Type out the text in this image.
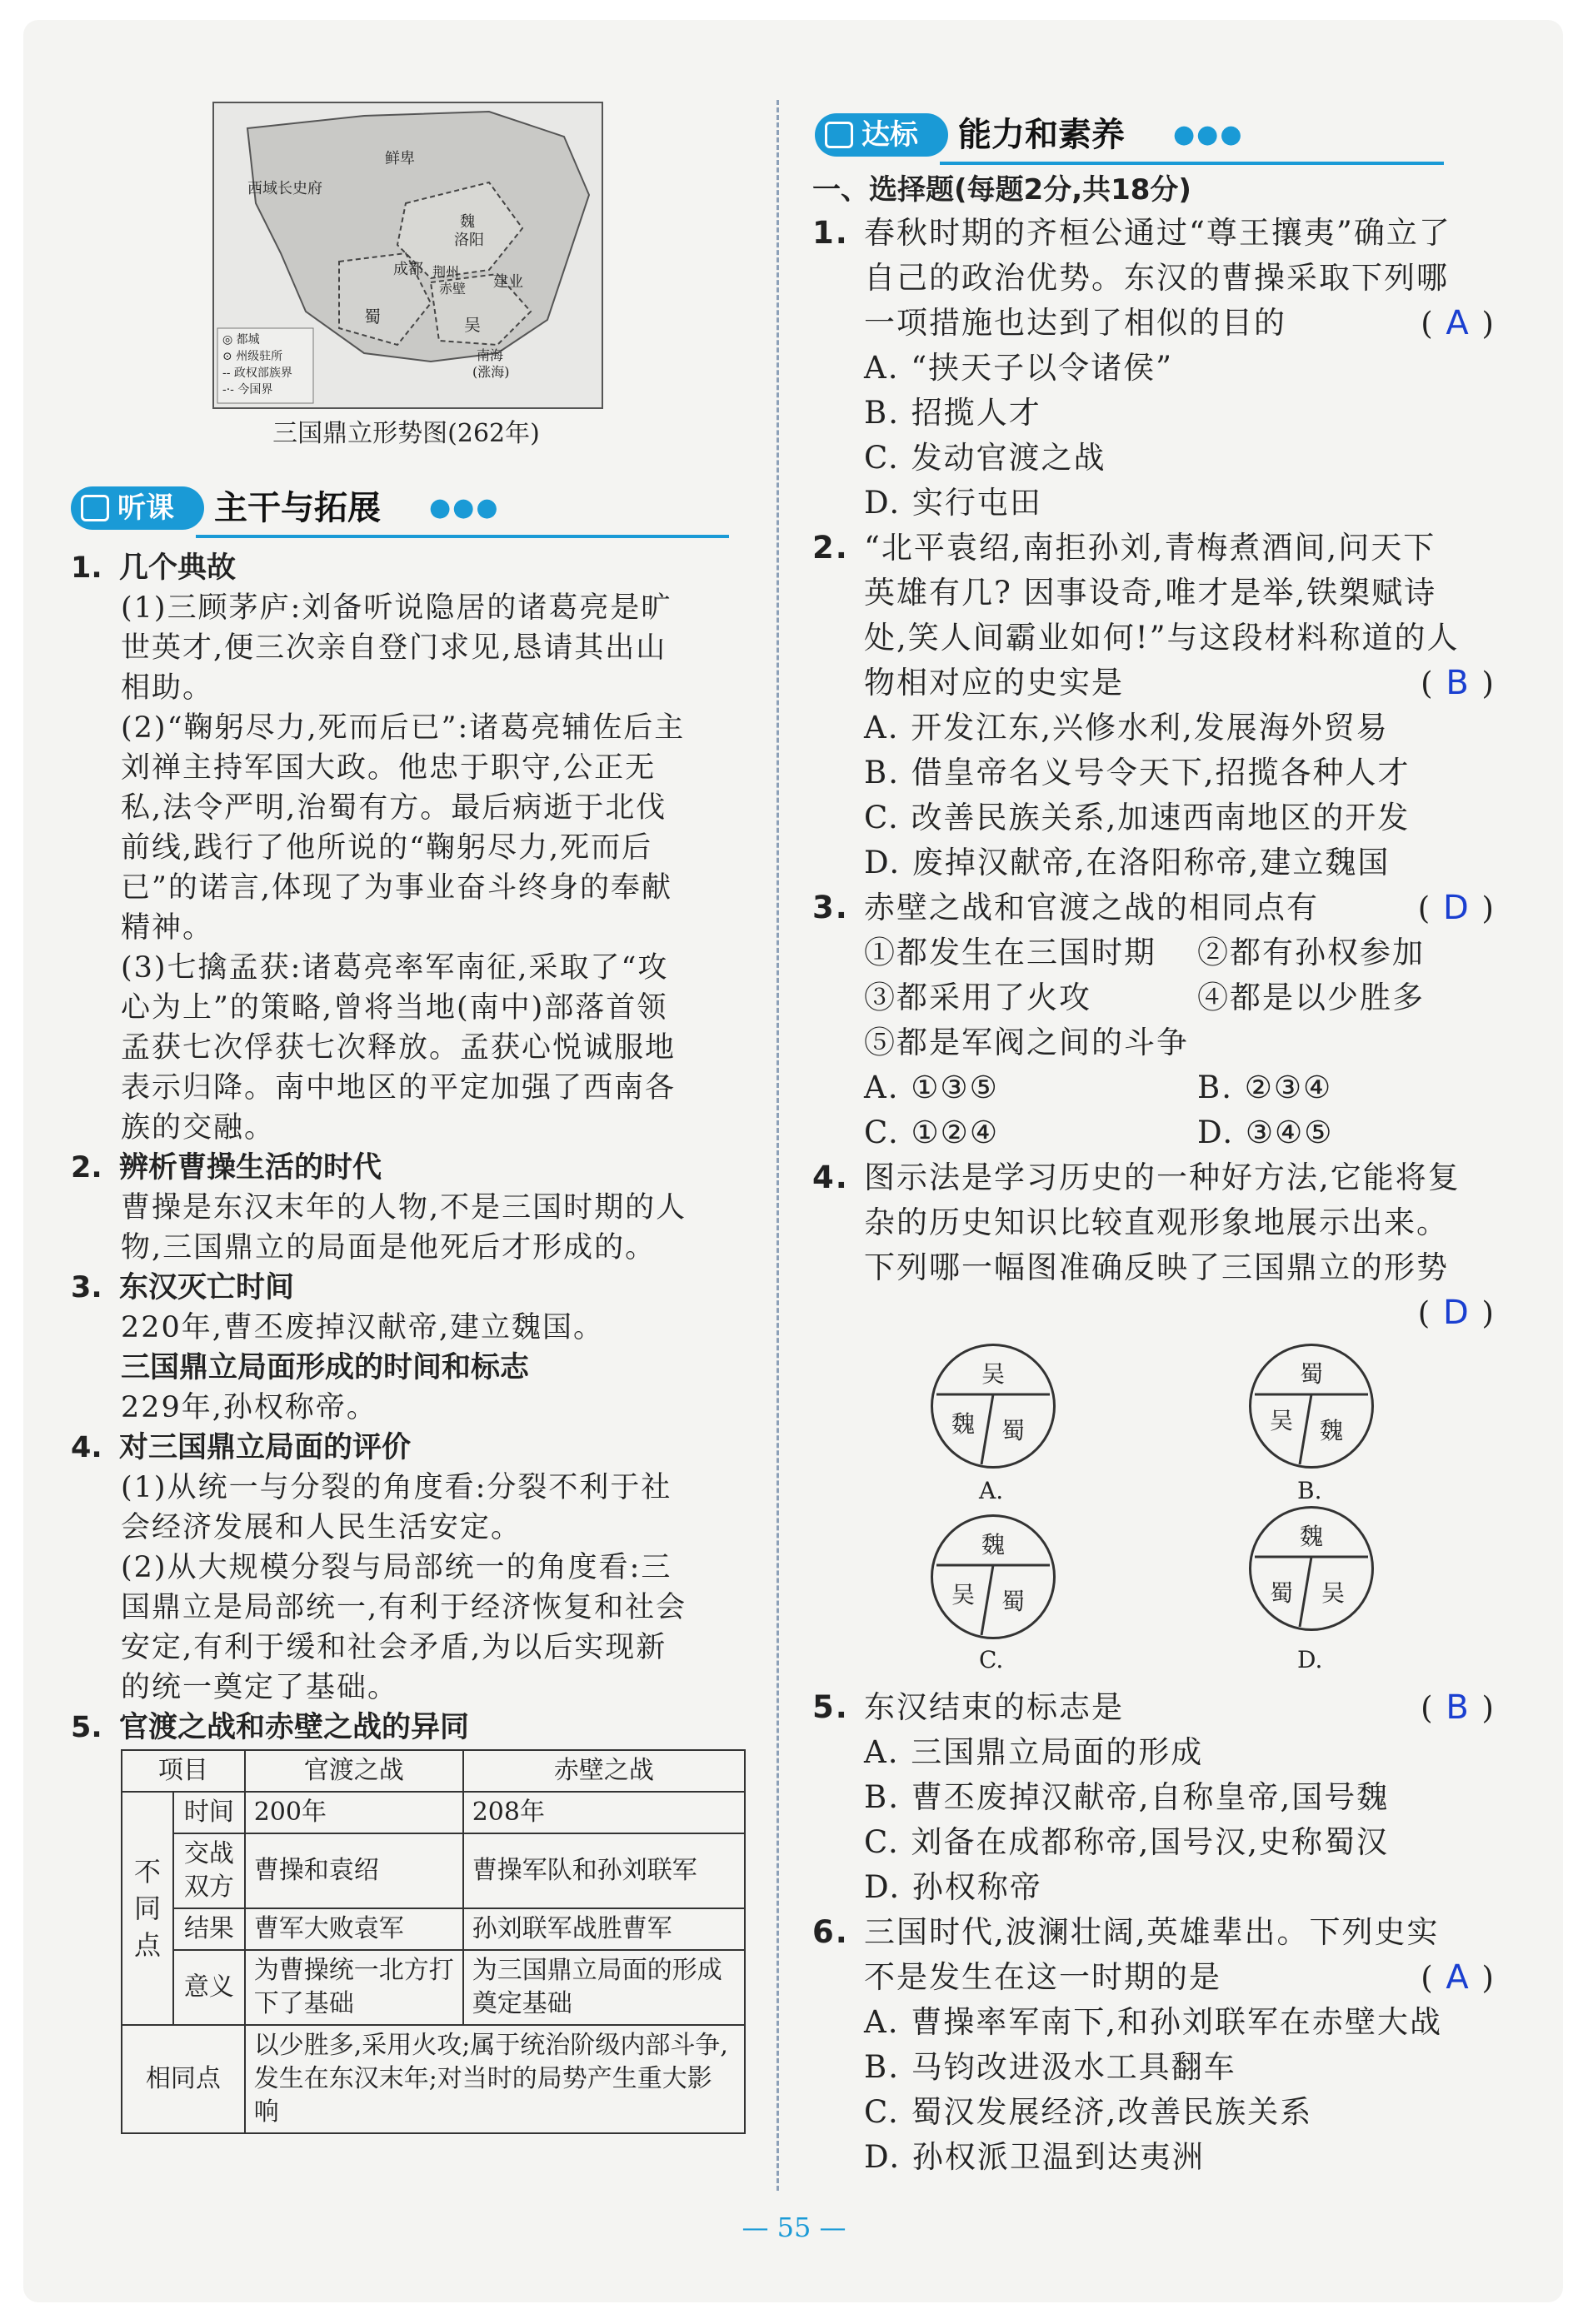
西域长史府
鲜卑
魏
洛阳
成都 荆州
赤壁 建业
蜀	吴
南海
(涨海)
◎ 都城
⊙ 州级驻所
-- 政权部族界
-·- 今国界
三国鼎立形势图(262年)
听课	主干与拓展 ●●●
1. 几个典故
(1)三顾茅庐:刘备听说隐居的诸葛亮是旷
世英才,便三次亲自登门求见,恳请其出山
相助。
(2)“鞠躬尽力,死而后已”:诸葛亮辅佐后主
刘禅主持军国大政。他忠于职守,公正无
私,法令严明,治蜀有方。最后病逝于北伐
前线,践行了他所说的“鞠躬尽力,死而后
已”的诺言,体现了为事业奋斗终身的奉献
精神。
(3)七擒孟获:诸葛亮率军南征,采取了“攻
心为上”的策略,曾将当地(南中)部落首领
孟获七次俘获七次释放。孟获心悦诚服地
表示归降。南中地区的平定加强了西南各
族的交融。
2. 辨析曹操生活的时代
曹操是东汉末年的人物,不是三国时期的人
物,三国鼎立的局面是他死后才形成的。
3. 东汉灭亡时间
220年,曹丕废掉汉献帝,建立魏国。
三国鼎立局面形成的时间和标志
229年,孙权称帝。
4. 对三国鼎立局面的评价
(1)从统一与分裂的角度看:分裂不利于社
会经济发展和人民生活安定。
(2)从大规模分裂与局部统一的角度看:三
国鼎立是局部统一,有利于经济恢复和社会
安定,有利于缓和社会矛盾,为以后实现新
的统一奠定了基础。
5. 官渡之战和赤壁之战的异同
项目		官渡之战	赤壁之战
不同点	时间	200年	208年
	交战双方	曹操和袁绍	曹操军队和孙刘联军
	结果	曹军大败袁军	孙刘联军战胜曹军
	意义	为曹操统一北方打下了基础	为三国鼎立局面的形成奠定基础
相同点		以少胜多,采用火攻;属于统治阶级内部斗争,发生在东汉末年;对当时的局势产生重大影响	
达标	能力和素养 ●●●
一、选择题(每题2分,共18分)
1. 春秋时期的齐桓公通过“尊王攘夷”确立了
自己的政治优势。东汉的曹操采取下列哪
一项措施也达到了相似的目的	( A )
A. “挟天子以令诸侯”
B. 招揽人才
C. 发动官渡之战
D. 实行屯田
2. “北平袁绍,南拒孙刘,青梅煮酒间,问天下
英雄有几? 因事设奇,唯才是举,铁槊赋诗
处,笑人间霸业如何!”与这段材料称道的人
物相对应的史实是	( B )
A. 开发江东,兴修水利,发展海外贸易
B. 借皇帝名义号令天下,招揽各种人才
C. 改善民族关系,加速西南地区的开发
D. 废掉汉献帝,在洛阳称帝,建立魏国
3. 赤壁之战和官渡之战的相同点有	( D )
①都发生在三国时期 ②都有孙权参加
③都采用了火攻	④都是以少胜多
⑤都是军阀之间的斗争
A. ①③⑤	B. ②③④
C. ①②④	D. ③④⑤
4. 图示法是学习历史的一种好方法,它能将复
杂的历史知识比较直观形象地展示出来。
下列哪一幅图准确反映了三国鼎立的形势
( D )
吴
魏 蜀
A.
蜀
吴 魏
B.
魏
吴 蜀
C.
魏
蜀 吴
D.
5. 东汉结束的标志是	( B )
A. 三国鼎立局面的形成
B. 曹丕废掉汉献帝,自称皇帝,国号魏
C. 刘备在成都称帝,国号汉,史称蜀汉
D. 孙权称帝
6. 三国时代,波澜壮阔,英雄辈出。下列史实
不是发生在这一时期的是	( A )
A. 曹操率军南下,和孙刘联军在赤壁大战
B. 马钧改进汲水工具翻车
C. 蜀汉发展经济,改善民族关系
D. 孙权派卫温到达夷洲
— 55 —
